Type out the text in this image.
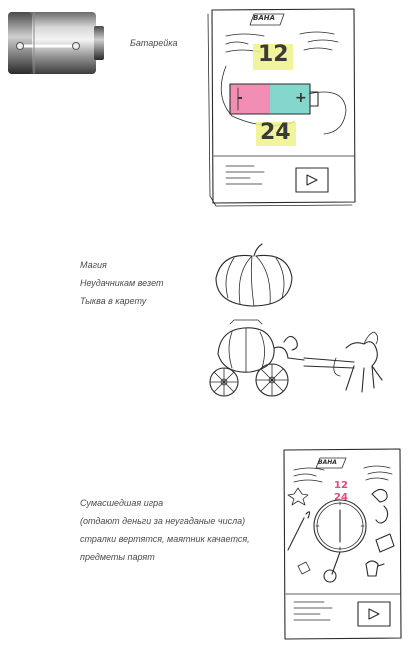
Батарейка
ВАНА
12
-	+
24
Магия
Неудачникам везет
Тыква в карету
Сумасшедшая игра
(отдают деньги за неугаданые числа)
стралки вертятся, маятник качается,
предметы парят
ВАНА
12
24
